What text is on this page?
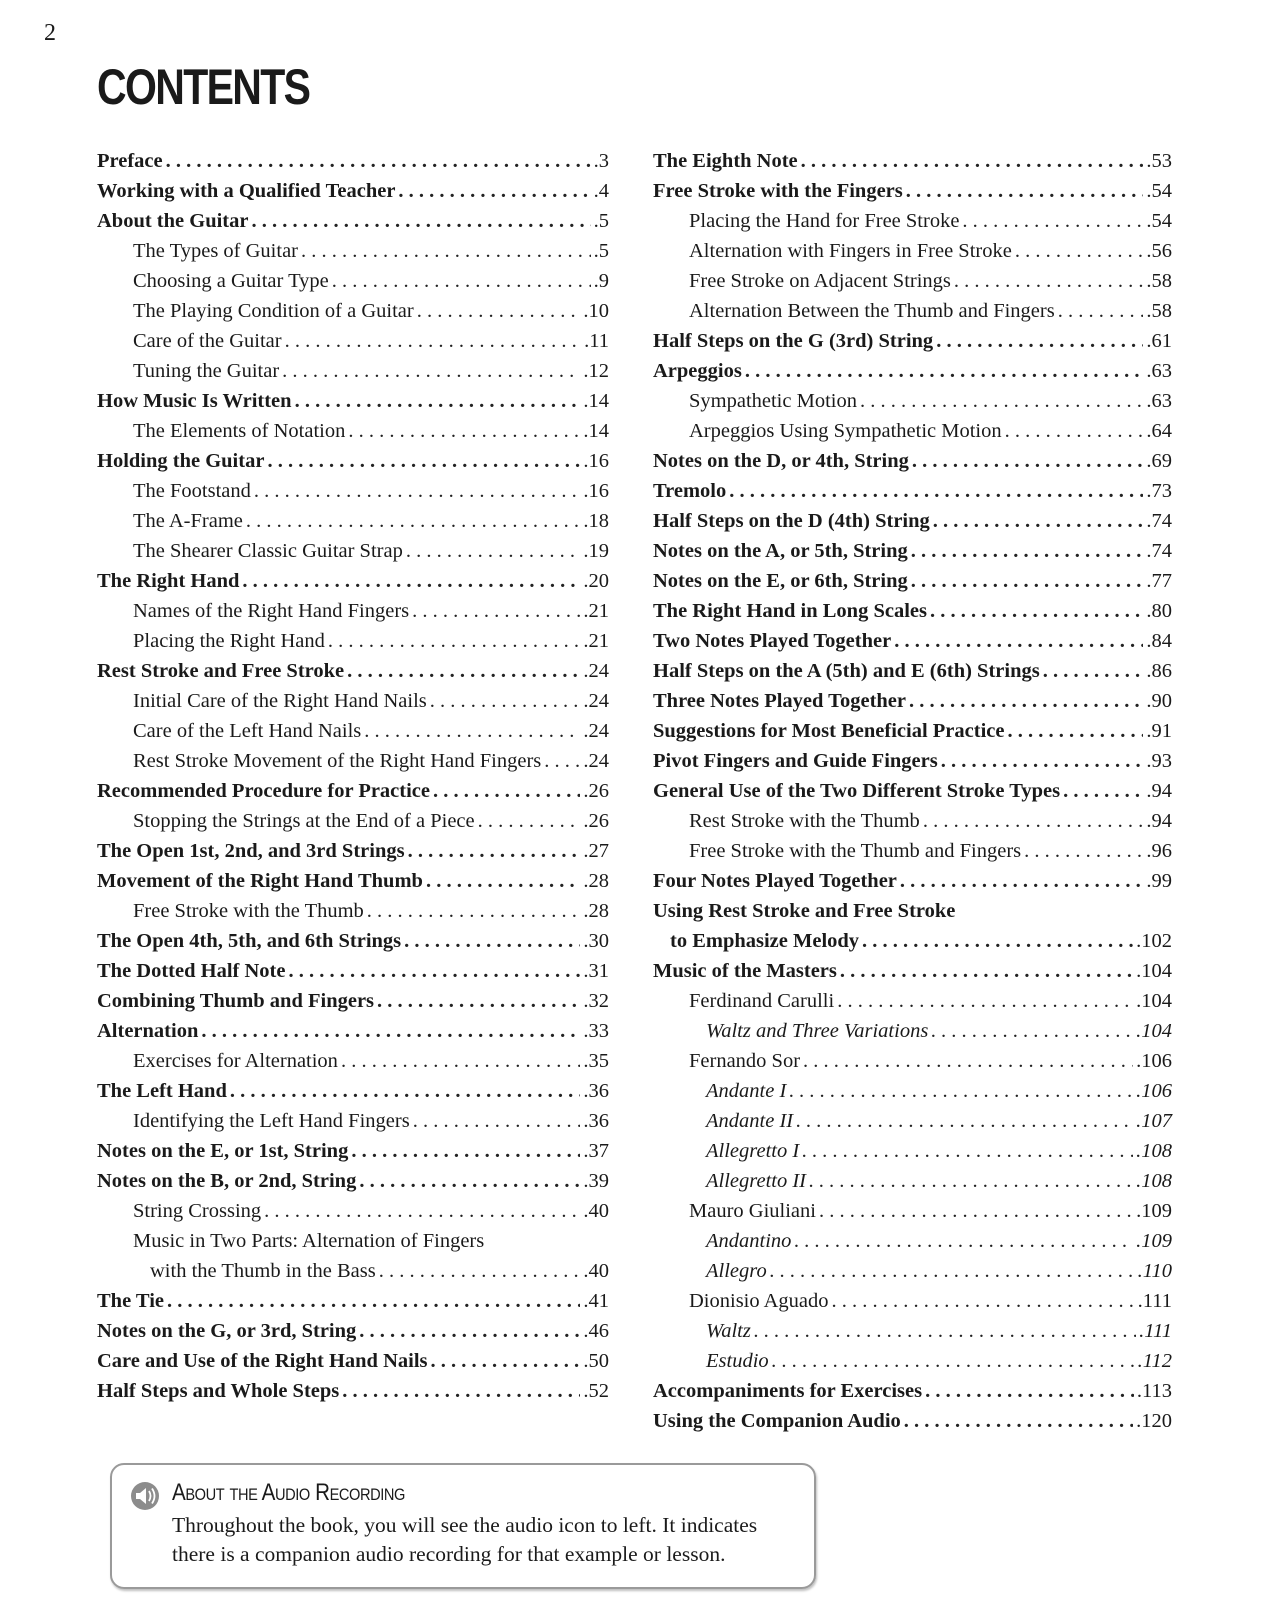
2
CONTENTS
Preface . . .	.3
Working with a Qualified Teacher . . .	.4
About the Guitar . . .	.5
The Types of Guitar . . .	.5
Choosing a Guitar Type . . .	.9
The Playing Condition of a Guitar . . .	.10
Care of the Guitar . . .	.11
Tuning the Guitar . . .	.12
How Music Is Written . . .	.14
The Elements of Notation . . .	.14
Holding the Guitar . . .	.16
The Footstand . . .	.16
The A-Frame . . .	.18
The Shearer Classic Guitar Strap . . .	.19
The Right Hand . . .	.20
Names of the Right Hand Fingers . . .	.21
Placing the Right Hand . . .	.21
Rest Stroke and Free Stroke . . .	.24
Initial Care of the Right Hand Nails . . .	.24
Care of the Left Hand Nails . . .	.24
Rest Stroke Movement of the Right Hand Fingers . . . .24
Recommended Procedure for Practice . . .	.26
Stopping the Strings at the End of a Piece . . .	.26
The Open 1st, 2nd, and 3rd Strings . . .	.27
Movement of the Right Hand Thumb . . .	.28
Free Stroke with the Thumb . . .	.28
The Open 4th, 5th, and 6th Strings . . .	.30
The Dotted Half Note . . .	.31
Combining Thumb and Fingers . . .	.32
Alternation . . .	.33
Exercises for Alternation . . .	.35
The Left Hand . . .	.36
Identifying the Left Hand Fingers . . .	.36
Notes on the E, or 1st, String . . .	.37
Notes on the B, or 2nd, String . . .	.39
String Crossing . . .	.40
Music in Two Parts: Alternation of Fingers
with the Thumb in the Bass . . .	.40
The Tie . . .	.41
Notes on the G, or 3rd, String . . .	.46
Care and Use of the Right Hand Nails . . .	.50
Half Steps and Whole Steps . . .	.52
The Eighth Note . . .	.53
Free Stroke with the Fingers . . .	.54
Placing the Hand for Free Stroke . . .	.54
Alternation with Fingers in Free Stroke . . .	.56
Free Stroke on Adjacent Strings . . .	.58
Alternation Between the Thumb and Fingers . . .	.58
Half Steps on the G (3rd) String . . .	.61
Arpeggios . . .	.63
Sympathetic Motion . . .	.63
Arpeggios Using Sympathetic Motion . . .	.64
Notes on the D, or 4th, String . . .	.69
Tremolo . . .	.73
Half Steps on the D (4th) String . . .	.74
Notes on the A, or 5th, String . . .	.74
Notes on the E, or 6th, String . . .	.77
The Right Hand in Long Scales . . .	.80
Two Notes Played Together . . .	.84
Half Steps on the A (5th) and E (6th) Strings . . .	.86
Three Notes Played Together . . .	.90
Suggestions for Most Beneficial Practice . . .	.91
Pivot Fingers and Guide Fingers . . .	.93
General Use of the Two Different Stroke Types . . .	.94
Rest Stroke with the Thumb . . .	.94
Free Stroke with the Thumb and Fingers . . .	.96
Four Notes Played Together . . .	.99
Using Rest Stroke and Free Stroke
to Emphasize Melody . . .	.102
Music of the Masters . . .	.104
Ferdinand Carulli . . .	.104
Waltz and Three Variations . . .	.104
Fernando Sor . . .	.106
Andante I . . .	.106
Andante II . . .	.107
Allegretto I . . .	.108
Allegretto II . . .	.108
Mauro Giuliani . . .	.109
Andantino . . .	.109
Allegro . . .	.110
Dionisio Aguado . . .	.111
Waltz . . .	.111
Estudio . . .	.112
Accompaniments for Exercises . . .	.113
Using the Companion Audio . . .	.120
About the Audio Recording
Throughout the book, you will see the audio icon to left. It indicates
there is a companion audio recording for that example or lesson.
